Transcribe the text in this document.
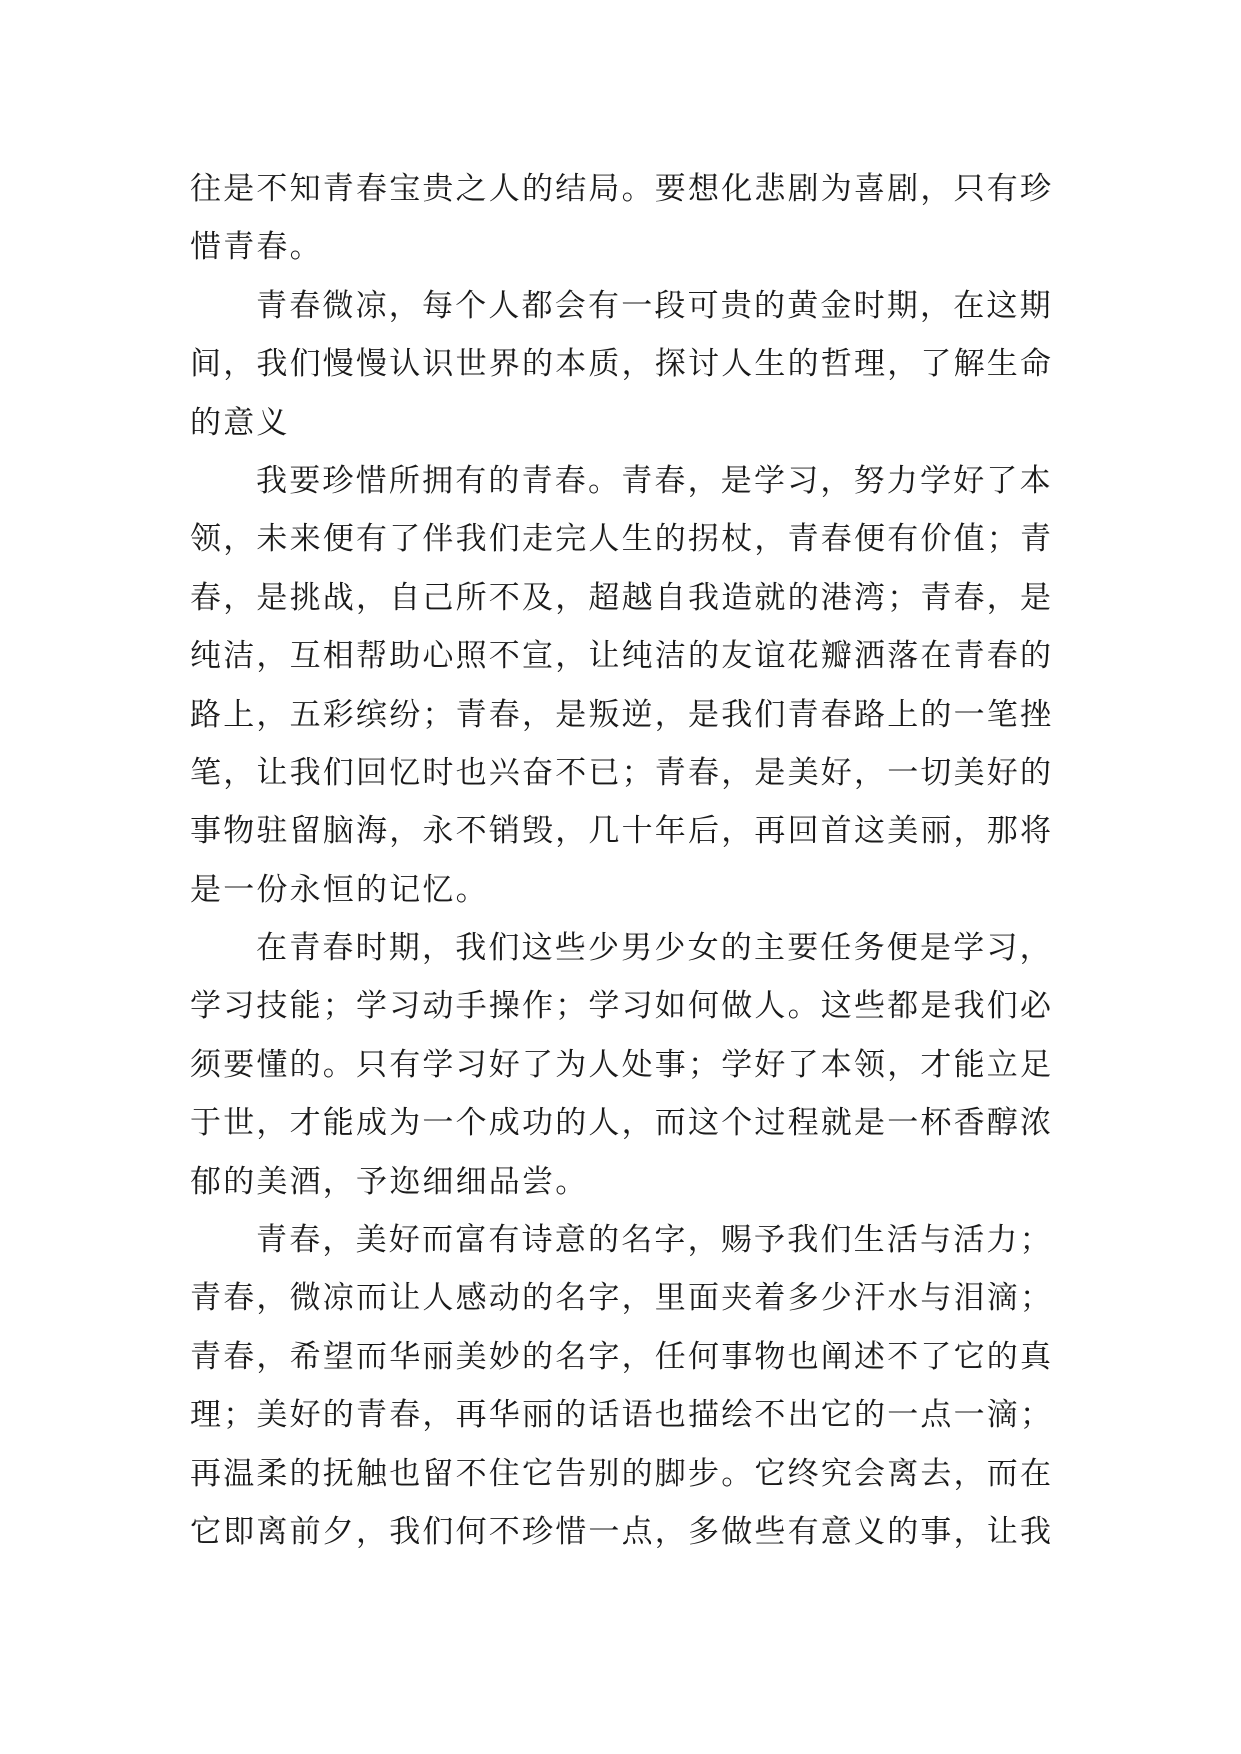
往是不知青春宝贵之人的结局。要想化悲剧为喜剧，只有珍
惜青春。
青春微凉，每个人都会有一段可贵的黄金时期，在这期
间，我们慢慢认识世界的本质，探讨人生的哲理，了解生命
的意义
我要珍惜所拥有的青春。青春，是学习，努力学好了本
领，未来便有了伴我们走完人生的拐杖，青春便有价值；青
春，是挑战，自己所不及，超越自我造就的港湾；青春，是
纯洁，互相帮助心照不宣，让纯洁的友谊花瓣洒落在青春的
路上，五彩缤纷；青春，是叛逆，是我们青春路上的一笔挫
笔，让我们回忆时也兴奋不已；青春，是美好，一切美好的
事物驻留脑海，永不销毁，几十年后，再回首这美丽，那将
是一份永恒的记忆。
在青春时期，我们这些少男少女的主要任务便是学习，
学习技能；学习动手操作；学习如何做人。这些都是我们必
须要懂的。只有学习好了为人处事；学好了本领，才能立足
于世，才能成为一个成功的人，而这个过程就是一杯香醇浓
郁的美酒，予迩细细品尝。
青春，美好而富有诗意的名字，赐予我们生活与活力；
青春，微凉而让人感动的名字，里面夹着多少汗水与泪滴；
青春，希望而华丽美妙的名字，任何事物也阐述不了它的真
理；美好的青春，再华丽的话语也描绘不出它的一点一滴；
再温柔的抚触也留不住它告别的脚步。它终究会离去，而在
它即离前夕，我们何不珍惜一点，多做些有意义的事，让我
